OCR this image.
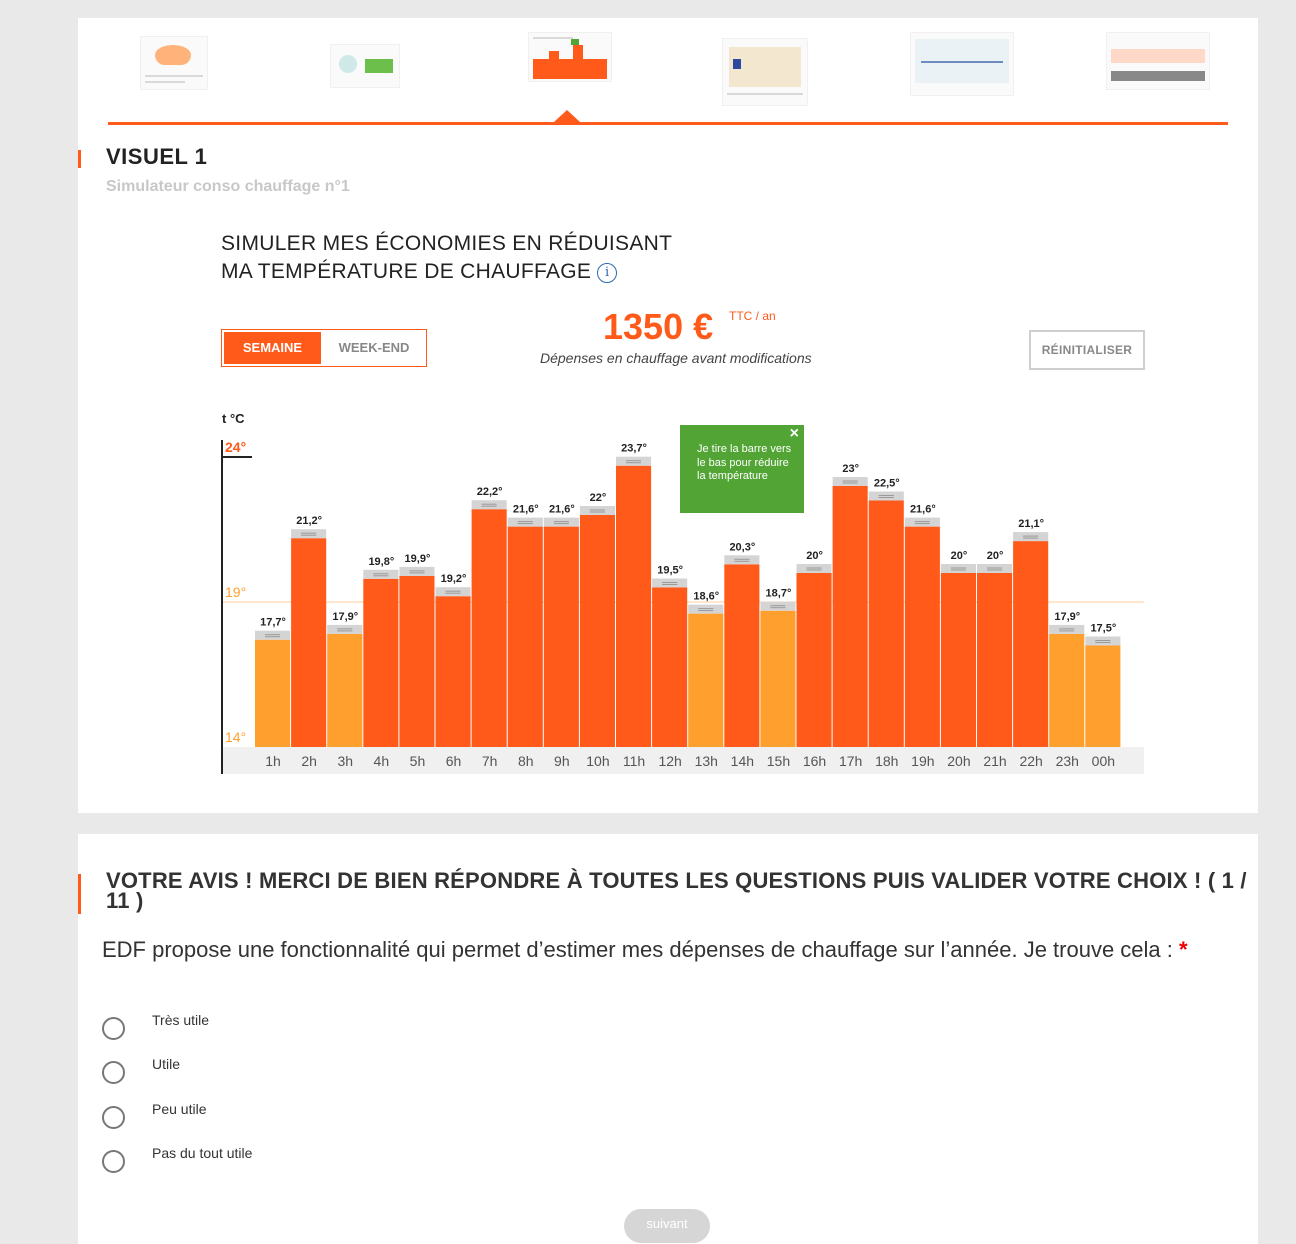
VISUEL 1
Simulateur conso chauffage n°1
SIMULER MES ÉCONOMIES EN RÉDUISANT
MA TEMPÉRATURE DE CHAUFFAGE i
SEMAINE	WEEK-END
1350 € TTC / an
Dépenses en chauffage avant modifications	RÉINITIALISER
t °C
17,7°
1h
21,2°
2h
17,9°
3h
19,8°
4h
19,9°
5h
19,2°
6h
22,2°
7h
21,6°
8h
21,6°
9h
22°
10h
23,7°
11h
19,5°
12h
18,6°
13h
20,3°
14h
18,7°
15h
20°
16h
23°
17h
22,5°
18h
21,6°
19h
20°
20h
20°
21h
21,1°
22h
17,9°
23h
17,5°
00h
24°
19°
14°
×
Je tire la barre vers le bas pour réduire la température
VOTRE AVIS ! MERCI DE BIEN RÉPONDRE À TOUTES LES QUESTIONS PUIS VALIDER VOTRE CHOIX ! ( 1 / 11 )
EDF propose une fonctionnalité qui permet d’estimer mes dépenses de chauffage sur l’année. Je trouve cela : *
Très utile
Utile
Peu utile
Pas du tout utile
suivant
